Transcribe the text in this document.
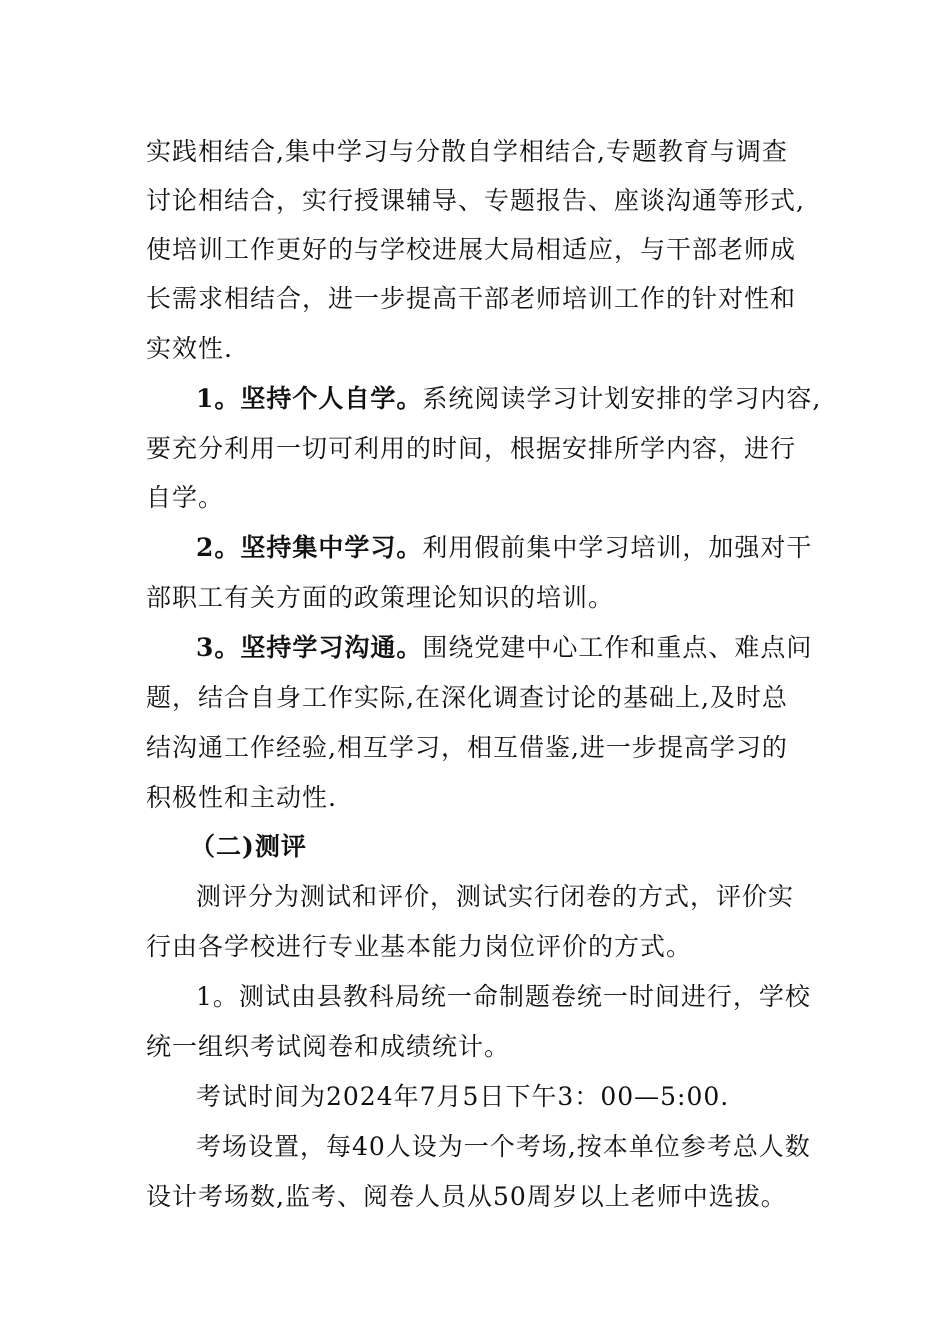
实践相结合,集中学习与分散自学相结合,专题教育与调查
讨论相结合，实行授课辅导、专题报告、座谈沟通等形式,
使培训工作更好的与学校进展大局相适应，与干部老师成
长需求相结合，进一步提高干部老师培训工作的针对性和
实效性.
1。坚持个人自学。系统阅读学习计划安排的学习内容,
要充分利用一切可利用的时间，根据安排所学内容，进行
自学。
2。坚持集中学习。利用假前集中学习培训，加强对干
部职工有关方面的政策理论知识的培训。
3。坚持学习沟通。围绕党建中心工作和重点、难点问
题，结合自身工作实际,在深化调查讨论的基础上,及时总
结沟通工作经验,相互学习，相互借鉴,进一步提高学习的
积极性和主动性.
（二)测评
测评分为测试和评价，测试实行闭卷的方式，评价实
行由各学校进行专业基本能力岗位评价的方式。
1。测试由县教科局统一命制题卷统一时间进行，学校
统一组织考试阅卷和成绩统计。
考试时间为2024年7月5日下午3：00—5:00.
考场设置，每40人设为一个考场,按本单位参考总人数
设计考场数,监考、阅卷人员从50周岁以上老师中选拔。
